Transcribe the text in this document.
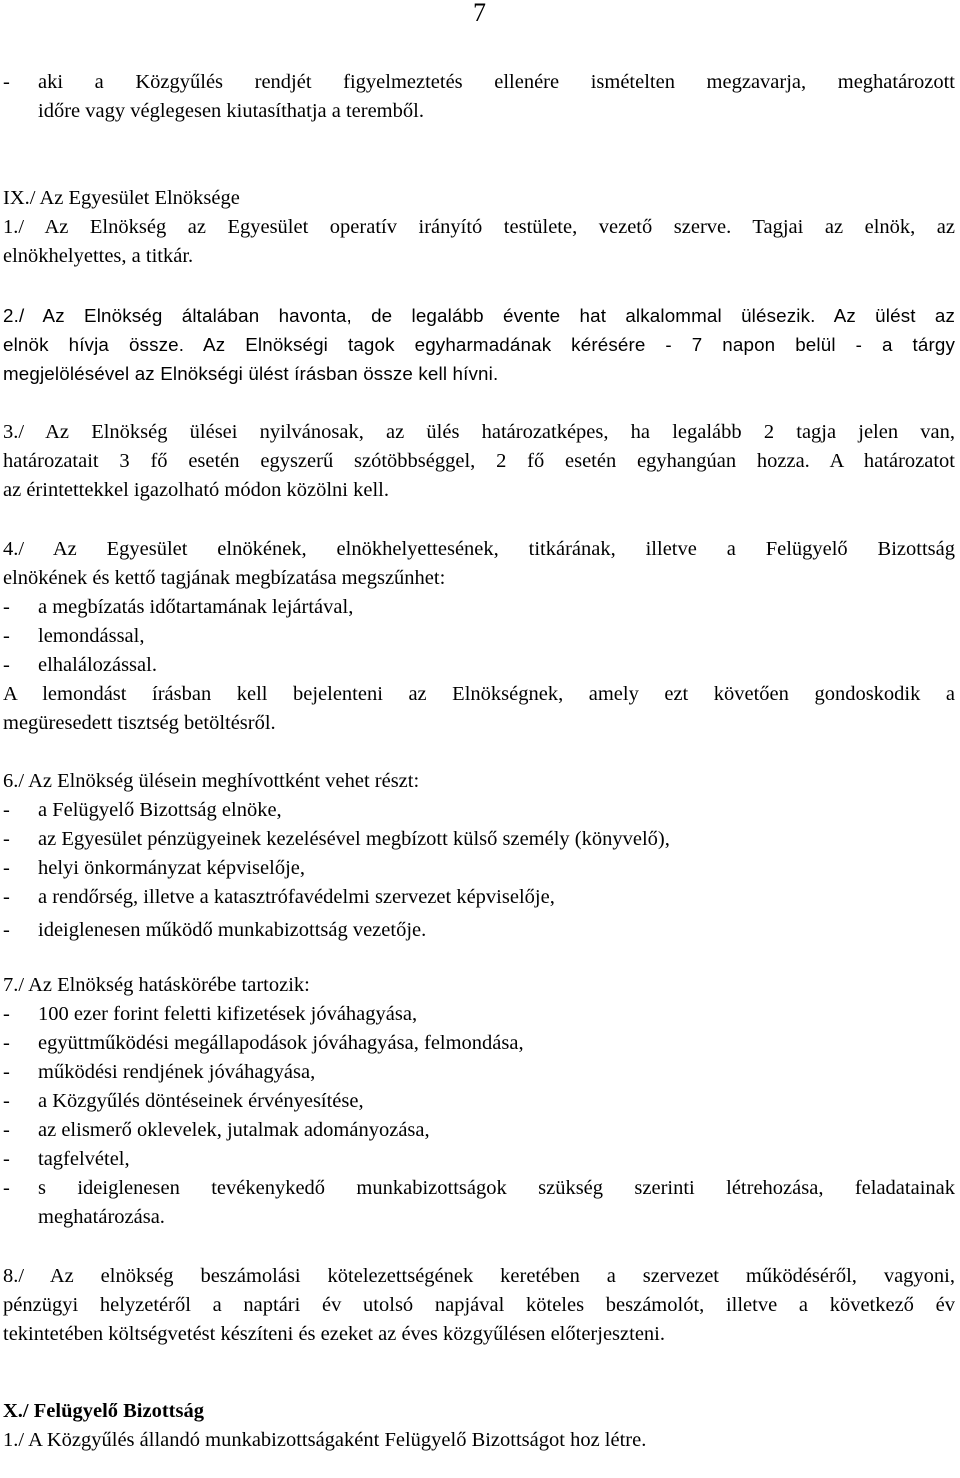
7
-	aki a Közgyűlés rendjét figyelmeztetés ellenére ismételten megzavarja, meghatározott
időre vagy véglegesen kiutasíthatja a teremből.
IX./ Az Egyesület Elnöksége
1./ Az Elnökség az Egyesület operatív irányító testülete, vezető szerve. Tagjai az elnök, az
elnökhelyettes, a titkár.
2./ Az Elnökség általában havonta, de legalább évente hat alkalommal ülésezik. Az ülést az
elnök hívja össze. Az Elnökségi tagok egyharmadának kérésére - 7 napon belül - a tárgy
megjelölésével az Elnökségi ülést írásban össze kell hívni.
3./ Az Elnökség ülései nyilvánosak, az ülés határozatképes, ha legalább 2 tagja jelen van,
határozatait 3 fő esetén egyszerű szótöbbséggel, 2 fő esetén egyhangúan hozza. A határozatot
az érintettekkel igazolható módon közölni kell.
4./ Az Egyesület elnökének, elnökhelyettesének, titkárának, illetve a Felügyelő Bizottság
elnökének és kettő tagjának megbízatása megszűnhet:
-	a megbízatás időtartamának lejártával,
-	lemondással,
-	elhalálozással.
A lemondást írásban kell bejelenteni az Elnökségnek, amely ezt követően gondoskodik a
megüresedett tisztség betöltésről.
6./ Az Elnökség ülésein meghívottként vehet részt:
-	a Felügyelő Bizottság elnöke,
-	az Egyesület pénzügyeinek kezelésével megbízott külső személy (könyvelő),
-	helyi önkormányzat képviselője,
-	a rendőrség, illetve a katasztrófavédelmi szervezet képviselője,
-	ideiglenesen működő munkabizottság vezetője.
7./ Az Elnökség hatáskörébe tartozik:
-	100 ezer forint feletti kifizetések jóváhagyása,
-	együttműködési megállapodások jóváhagyása, felmondása,
-	működési rendjének jóváhagyása,
-	a Közgyűlés döntéseinek érvényesítése,
-	az elismerő oklevelek, jutalmak adományozása,
-	tagfelvétel,
-	s ideiglenesen tevékenykedő munkabizottságok szükség szerinti létrehozása, feladatainak
meghatározása.
8./ Az elnökség beszámolási kötelezettségének keretében a szervezet működéséről, vagyoni,
pénzügyi helyzetéről a naptári év utolsó napjával köteles beszámolót, illetve a következő év
tekintetében költségvetést készíteni és ezeket az éves közgyűlésen előterjeszteni.
X./ Felügyelő Bizottság
1./ A Közgyűlés állandó munkabizottságaként Felügyelő Bizottságot hoz létre.
